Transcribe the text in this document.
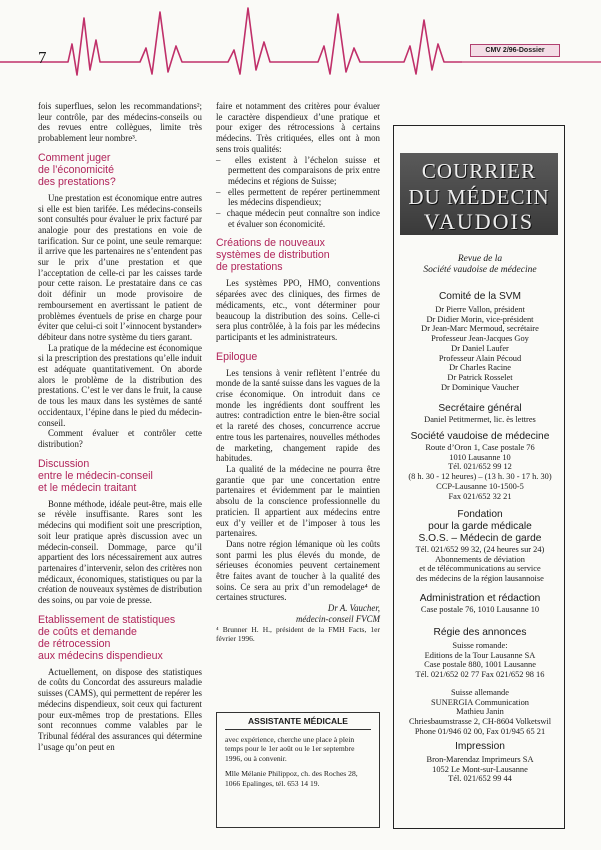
7	CMV 2/96-Dossier

fois superflues, selon les recommandations²; leur contrôle, par des médecins-conseils ou des revues entre collègues, limite très probablement leur nombre³.

Comment juger
de l’économicité
des prestations?

Une prestation est économique entre autres si elle est bien tarifée. Les médecins-conseils sont consultés pour évaluer le prix facturé par analogie pour des prestations en voie de tarification. Sur ce point, une seule remarque: il arrive que les partenaires ne s’entendent pas sur le prix d’une prestation et que l’acceptation de celle-ci par les caisses tarde pour cette raison. Le prestataire dans ce cas doit définir un mode provisoire de remboursement en avertissant le patient de problèmes éventuels de prise en charge pour éviter que celui-ci soit l’«innocent bystander» débiteur dans notre système du tiers garant.

La pratique de la médecine est économique si la prescription des prestations qu’elle induit est adéquate quantitativement. On aborde alors le problème de la distribution des prestations. C’est le ver dans le fruit, la cause de tous les maux dans les systèmes de santé occidentaux, l’épine dans le pied du médecin-conseil.

Comment évaluer et contrôler cette distribution?

Discussion
entre le médecin-conseil
et le médecin traitant

Bonne méthode, idéale peut-être, mais elle se révèle insuffisante. Rares sont les médecins qui modifient soit une prescription, soit leur pratique après discussion avec un médecin-conseil. Dommage, parce qu’il appartient des lors nécessairement aux autres partenaires d’intervenir, selon des critères non médicaux, économiques, statistiques ou par la création de nouveaux systèmes de distribution des soins, ou par voie de presse.

Etablissement de statistiques
de coûts et demande
de rétrocession
aux médecins dispendieux

Actuellement, on dispose des statistiques de coûts du Concordat des assureurs maladie suisses (CAMS), qui permettent de repérer les médecins dispendieux, soit ceux qui facturent pour eux-mêmes trop de prestations. Elles sont reconnues comme valables par le Tribunal fédéral des assurances qui détermine l’usage qu’on peut en

faire et notamment des critères pour évaluer le caractère dispendieux d’une pratique et pour exiger des rétrocessions à certains médecins. Très critiquées, elles ont à mon sens trois qualités:

–  elles existent à l’échelon suisse et permettent des comparaisons de prix entre médecins et régions de Suisse;

–  elles permettent de repérer pertinemment les médecins dispendieux;

–  chaque médecin peut connaître son indice et évaluer son économicité.

Créations de nouveaux
systèmes de distribution
de prestations

Les systèmes PPO, HMO, conventions séparées avec des cliniques, des firmes de médicaments, etc., vont déterminer pour beaucoup la distribution des soins. Celle-ci sera plus contrôlée, à la fois par les médecins participants et les administrateurs.

Epilogue

Les tensions à venir reflètent l’entrée du monde de la santé suisse dans les vagues de la crise économique. On introduit dans ce monde les ingrédients dont souffrent les autres: contradiction entre le bien-être social et la rareté des choses, concurrence accrue entre tous les partenaires, nouvelles méthodes de marketing, changement rapide des habitudes.

La qualité de la médecine ne pourra être garantie que par une concertation entre partenaires et évidemment par le maintien absolu de la conscience professionnelle du praticien. Il appartient aux médecins entre eux d’y veiller et de l’imposer à tous les partenaires.

Dans notre région lémanique où les coûts sont parmi les plus élevés du monde, de sérieuses économies peuvent certainement être faites avant de toucher à la qualité des soins. Ce sera au prix d’un remodelage⁴ de certaines structures.

Dr A. Vaucher,

médecin-conseil FVCM

⁴ Brunner H. H., président de la FMH Facts, 1er février 1996.

ASSISTANTE MÉDICALE

avec expérience, cherche une place à plein temps pour le 1er août ou le 1er septembre 1996, ou à convenir.

Mlle Mélanie Philippoz, ch. des Roches 28, 1066 Epalinges, tél. 653 14 19.

COURRIER
DU MÉDECIN
VAUDOIS
Revue de la
Société vaudoise de médecine
Comité de la SVM
Dr Pierre Vallon, président
Dr Didier Morin, vice-président
Dr Jean-Marc Mermoud, secrétaire
Professeur Jean-Jacques Goy
Dr Daniel Laufer
Professeur Alain Pécoud
Dr Charles Racine
Dr Patrick Rosselet
Dr Dominique Vaucher
Secrétaire général
Daniel Petitmermet, lic. ès lettres
Société vaudoise de médecine
Route d’Oron 1, Case postale 76
1010 Lausanne 10
Tél. 021/652 99 12
(8 h. 30 - 12 heures) – (13 h. 30 - 17 h. 30)
CCP-Lausanne 10-1500-5
Fax 021/652 32 21
Fondation
pour la garde médicale
S.O.S. – Médecin de garde
Tél. 021/652 99 32, (24 heures sur 24)
Abonnements de déviation
et de télécommunications au service
des médecins de la région lausannoise
Administration et rédaction
Case postale 76, 1010 Lausanne 10
Régie des annonces
Suisse romande:
Editions de la Tour Lausanne SA
Case postale 880, 1001 Lausanne
Tél. 021/652 02 77 Fax 021/652 98 16
Suisse allemande
SUNERGIA Communication
Mathieu Janin
Chriesbaumstrasse 2, CH-8604 Volketswil
Phone 01/946 02 00, Fax 01/945 65 21
Impression
Bron-Marendaz Imprimeurs SA
1052 Le Mont-sur-Lausanne
Tél. 021/652 99 44
